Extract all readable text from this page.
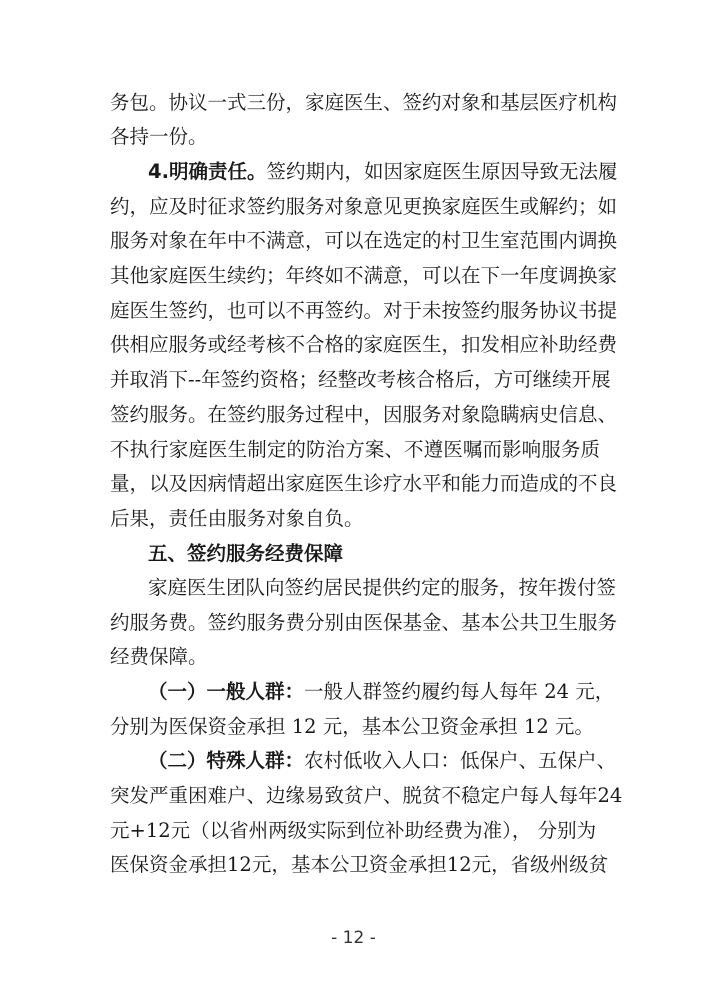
务包。协议一式三份，家庭医生、签约对象和基层医疗机构
各持一份。
4.明确责任。签约期内，如因家庭医生原因导致无法履
约，应及时征求签约服务对象意见更换家庭医生或解约；如
服务对象在年中不满意，可以在选定的村卫生室范围内调换
其他家庭医生续约；年终如不满意，可以在下一年度调换家
庭医生签约，也可以不再签约。对于未按签约服务协议书提
供相应服务或经考核不合格的家庭医生，扣发相应补助经费
并取消下--年签约资格；经整改考核合格后，方可继续开展
签约服务。在签约服务过程中，因服务对象隐瞒病史信息、
不执行家庭医生制定的防治方案、不遵医嘱而影响服务质
量，以及因病情超出家庭医生诊疗水平和能力而造成的不良
后果，责任由服务对象自负。
五、签约服务经费保障
家庭医生团队向签约居民提供约定的服务，按年拨付签
约服务费。签约服务费分别由医保基金、基本公共卫生服务
经费保障。
（一）一般人群：一般人群签约履约每人每年 24 元，
分别为医保资金承担 12 元，基本公卫资金承担 12 元。
（二）特殊人群：农村低收入人口：低保户、五保户、
突发严重困难户、边缘易致贫户、脱贫不稳定户每人每年24
元+12元（以省州两级实际到位补助经费为准）， 分别为
医保资金承担12元，基本公卫资金承担12元，省级州级贫
- 12 -
